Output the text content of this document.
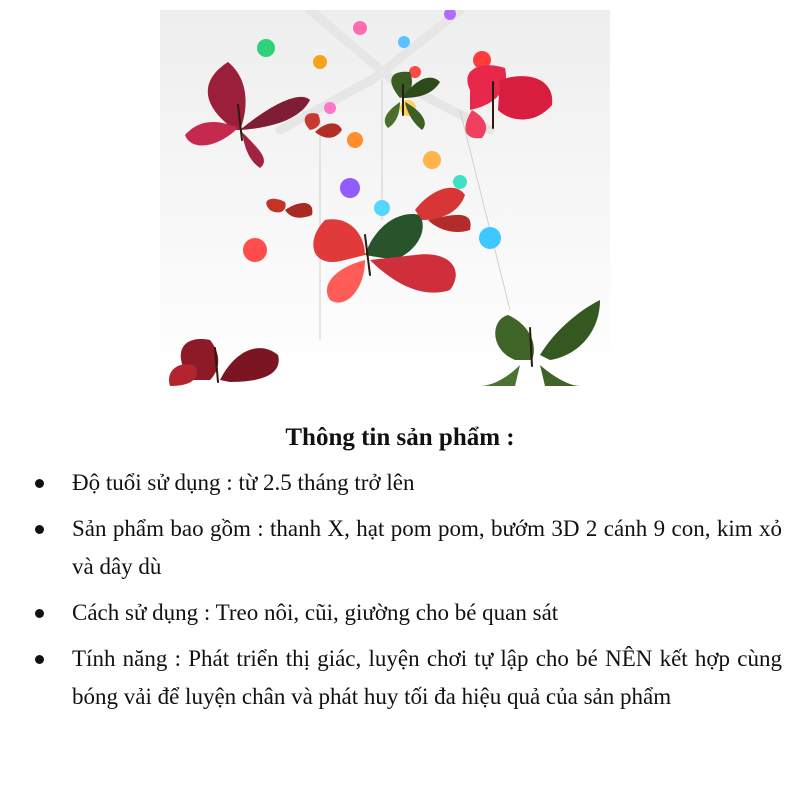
Thông tin sản phẩm :
Độ tuổi sử dụng : từ 2.5 tháng trở lên
Sản phẩm bao gồm : thanh X, hạt pom pom, bướm 3D 2 cánh 9 con, kim xỏ và dây dù
Cách sử dụng : Treo nôi, cũi, giường cho bé quan sát
Tính năng : Phát triển thị giác, luyện chơi tự lập cho bé NÊN kết hợp cùng bóng vải để luyện chân và phát huy tối đa hiệu quả của sản phẩm
